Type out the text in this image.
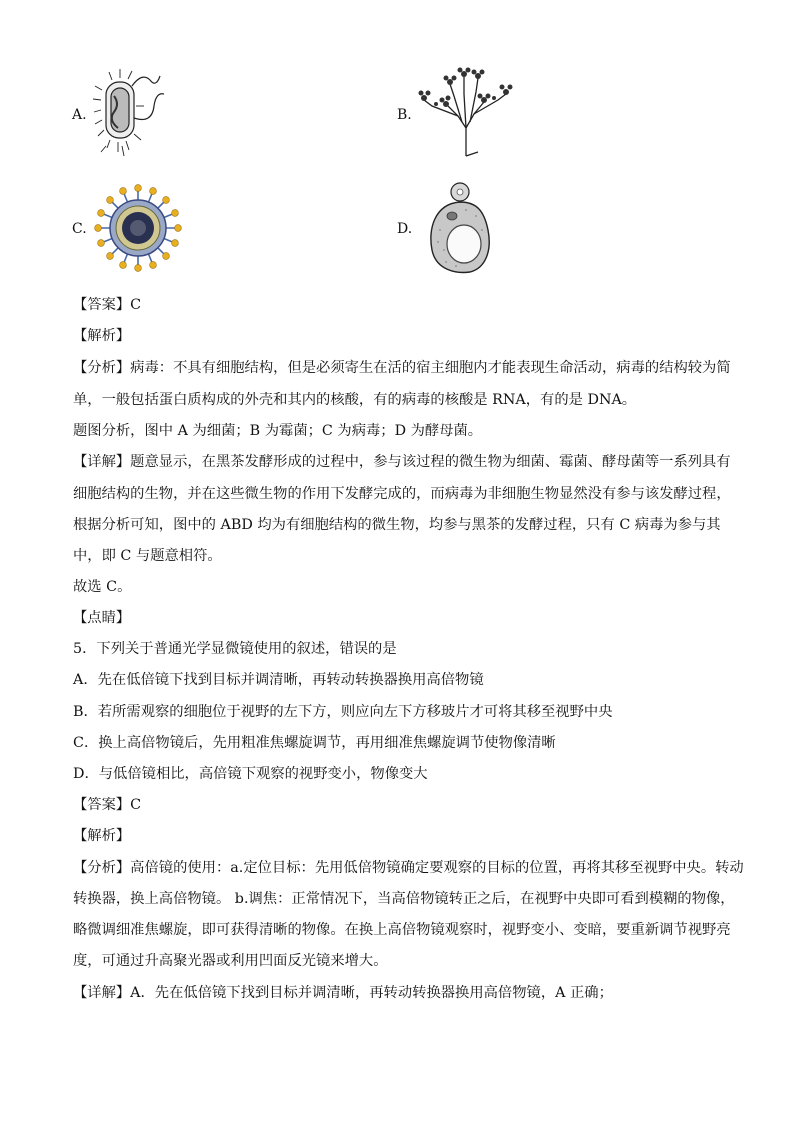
A.	B.
C.	D.
【答案】C
【解析】
【分析】病毒：不具有细胞结构，但是必须寄生在活的宿主细胞内才能表现生命活动，病毒的结构较为简
单，一般包括蛋白质构成的外壳和其内的核酸，有的病毒的核酸是 RNA，有的是 DNA。
题图分析，图中 A 为细菌；B 为霉菌；C 为病毒；D 为酵母菌。
【详解】题意显示，在黑茶发酵形成的过程中，参与该过程的微生物为细菌、霉菌、酵母菌等一系列具有
细胞结构的生物，并在这些微生物的作用下发酵完成的，而病毒为非细胞生物显然没有参与该发酵过程，
根据分析可知，图中的 ABD 均为有细胞结构的微生物，均参与黑茶的发酵过程，只有 C 病毒为参与其
中，即 C 与题意相符。
故选 C。
【点睛】
5．下列关于普通光学显微镜使用的叙述，错误的是
A．先在低倍镜下找到目标并调清晰，再转动转换器换用高倍物镜
B．若所需观察的细胞位于视野的左下方，则应向左下方移玻片才可将其移至视野中央
C．换上高倍物镜后，先用粗准焦螺旋调节，再用细准焦螺旋调节使物像清晰
D．与低倍镜相比，高倍镜下观察的视野变小，物像变大
【答案】C
【解析】
【分析】高倍镜的使用：a.定位目标：先用低倍物镜确定要观察的目标的位置，再将其移至视野中央。转动
转换器，换上高倍物镜。 b.调焦：正常情况下，当高倍物镜转正之后，在视野中央即可看到模糊的物像，
略微调细准焦螺旋，即可获得清晰的物像。在换上高倍物镜观察时，视野变小、变暗，要重新调节视野亮
度，可通过升高聚光器或利用凹面反光镜来增大。
【详解】A．先在低倍镜下找到目标并调清晰，再转动转换器换用高倍物镜，A 正确；
